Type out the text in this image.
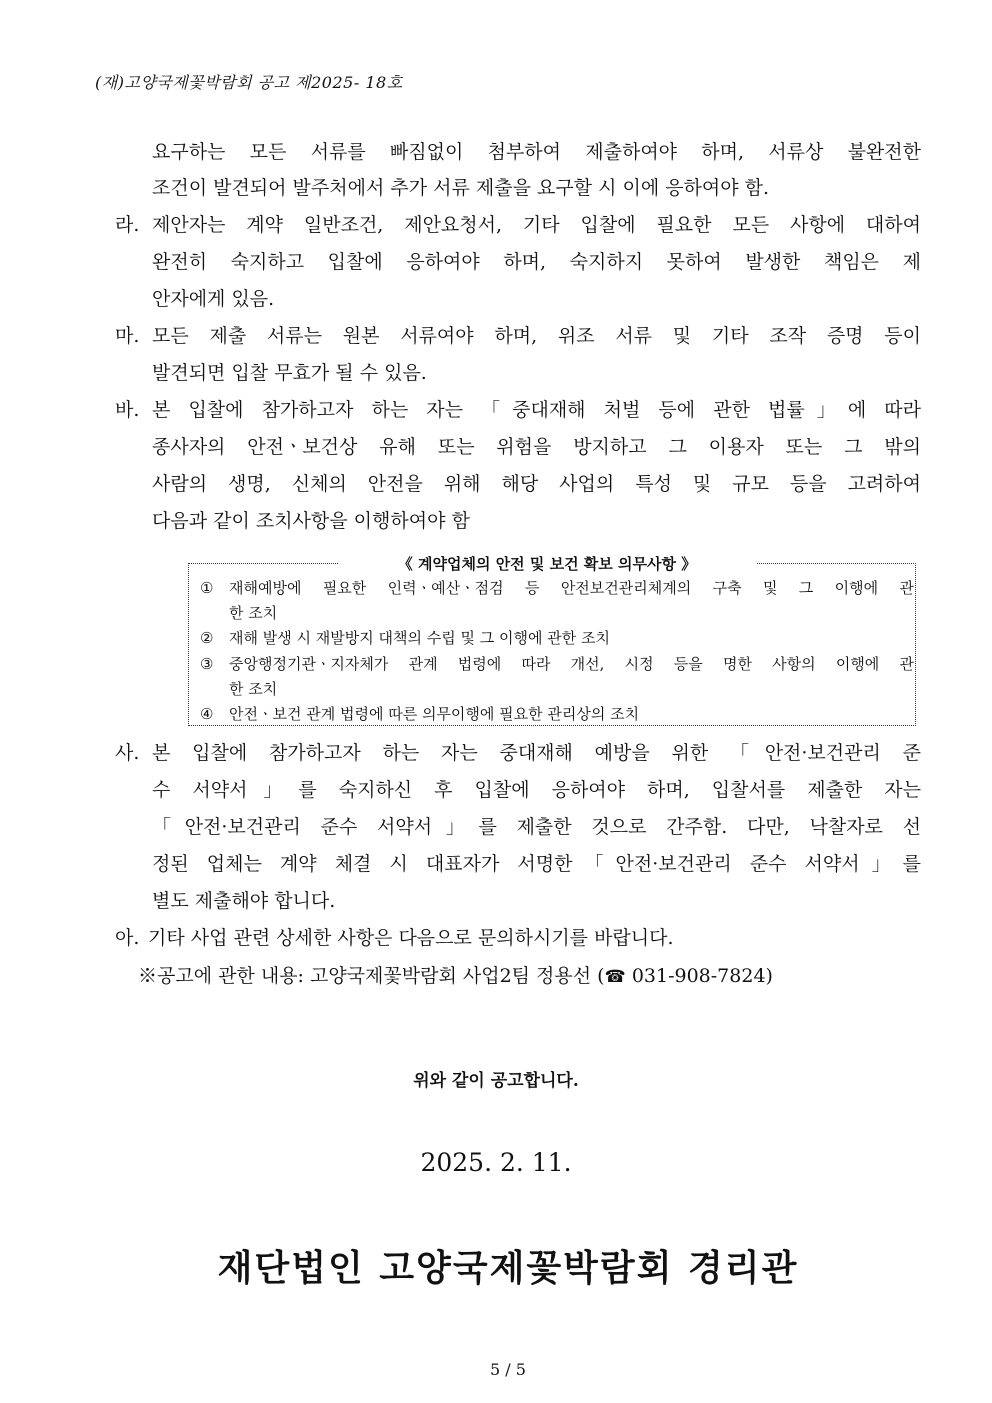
(재)고양국제꽃박람회 공고 제2025- 18호
요구하는 모든 서류를 빠짐없이 첨부하여 제출하여야 하며, 서류상 불완전한
조건이 발견되어 발주처에서 추가 서류 제출을 요구할 시 이에 응하여야 함.
라. 제안자는 계약 일반조건, 제안요청서, 기타 입찰에 필요한 모든 사항에 대하여
완전히 숙지하고 입찰에 응하여야 하며, 숙지하지 못하여 발생한 책임은 제
안자에게 있음.
마. 모든 제출 서류는 원본 서류여야 하며, 위조 서류 및 기타 조작 증명 등이
발견되면 입찰 무효가 될 수 있음.
바. 본 입찰에 참가하고자 하는 자는 「중대재해 처벌 등에 관한 법률」에 따라
종사자의 안전ㆍ보건상 유해 또는 위험을 방지하고 그 이용자 또는 그 밖의
사람의 생명, 신체의 안전을 위해 해당 사업의 특성 및 규모 등을 고려하여
다음과 같이 조치사항을 이행하여야 함
《 계약업체의 안전 및 보건 확보 의무사항 》
① 재해예방에 필요한 인력ㆍ예산ㆍ점검 등 안전보건관리체계의 구축 및 그 이행에 관
한 조치
② 재해 발생 시 재발방지 대책의 수립 및 그 이행에 관한 조치
③ 중앙행정기관ㆍ지자체가 관계 법령에 따라 개선, 시정 등을 명한 사항의 이행에 관
한 조치
④ 안전ㆍ보건 관계 법령에 따른 의무이행에 필요한 관리상의 조치
사. 본 입찰에 참가하고자 하는 자는 중대재해 예방을 위한 「안전·보건관리 준
수 서약서」를 숙지하신 후 입찰에 응하여야 하며, 입찰서를 제출한 자는
「안전·보건관리 준수 서약서」를 제출한 것으로 간주함. 다만, 낙찰자로 선
정된 업체는 계약 체결 시 대표자가 서명한「안전·보건관리 준수 서약서」를
별도 제출해야 합니다.
아. 기타 사업 관련 상세한 사항은 다음으로 문의하시기를 바랍니다.
※공고에 관한 내용: 고양국제꽃박람회 사업2팀 정용선 (☎ 031-908-7824)
위와 같이 공고합니다.
2025. 2. 11.
재단법인 고양국제꽃박람회 경리관
5 / 5
